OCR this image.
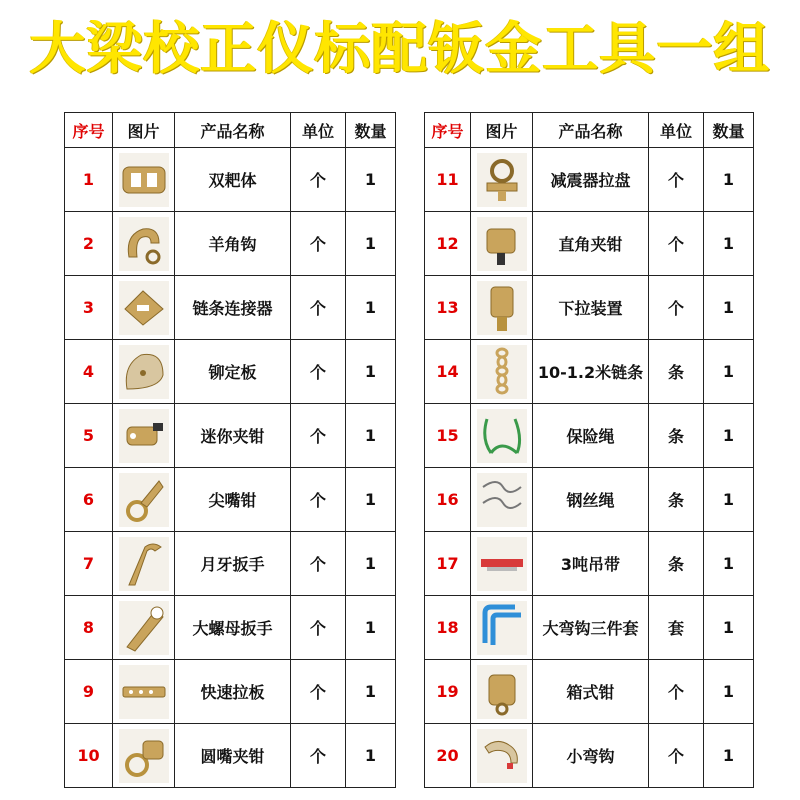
大梁校正仪标配钣金工具一组
序号	图片	产品名称	单位	数量
1		双耙体	个	1
2		羊角钩	个	1
3		链条连接器	个	1
4		铆定板	个	1
5		迷你夹钳	个	1
6		尖嘴钳	个	1
7		月牙扳手	个	1
8		大螺母扳手	个	1
9		快速拉板	个	1
10		圆嘴夹钳	个	1
序号	图片	产品名称	单位	数量
11		减震器拉盘	个	1
12		直角夹钳	个	1
13		下拉装置	个	1
14		10-1.2米链条	条	1
15		保险绳	条	1
16		钢丝绳	条	1
17		3吨吊带	条	1
18		大弯钩三件套	套	1
19		箱式钳	个	1
20		小弯钩	个	1
